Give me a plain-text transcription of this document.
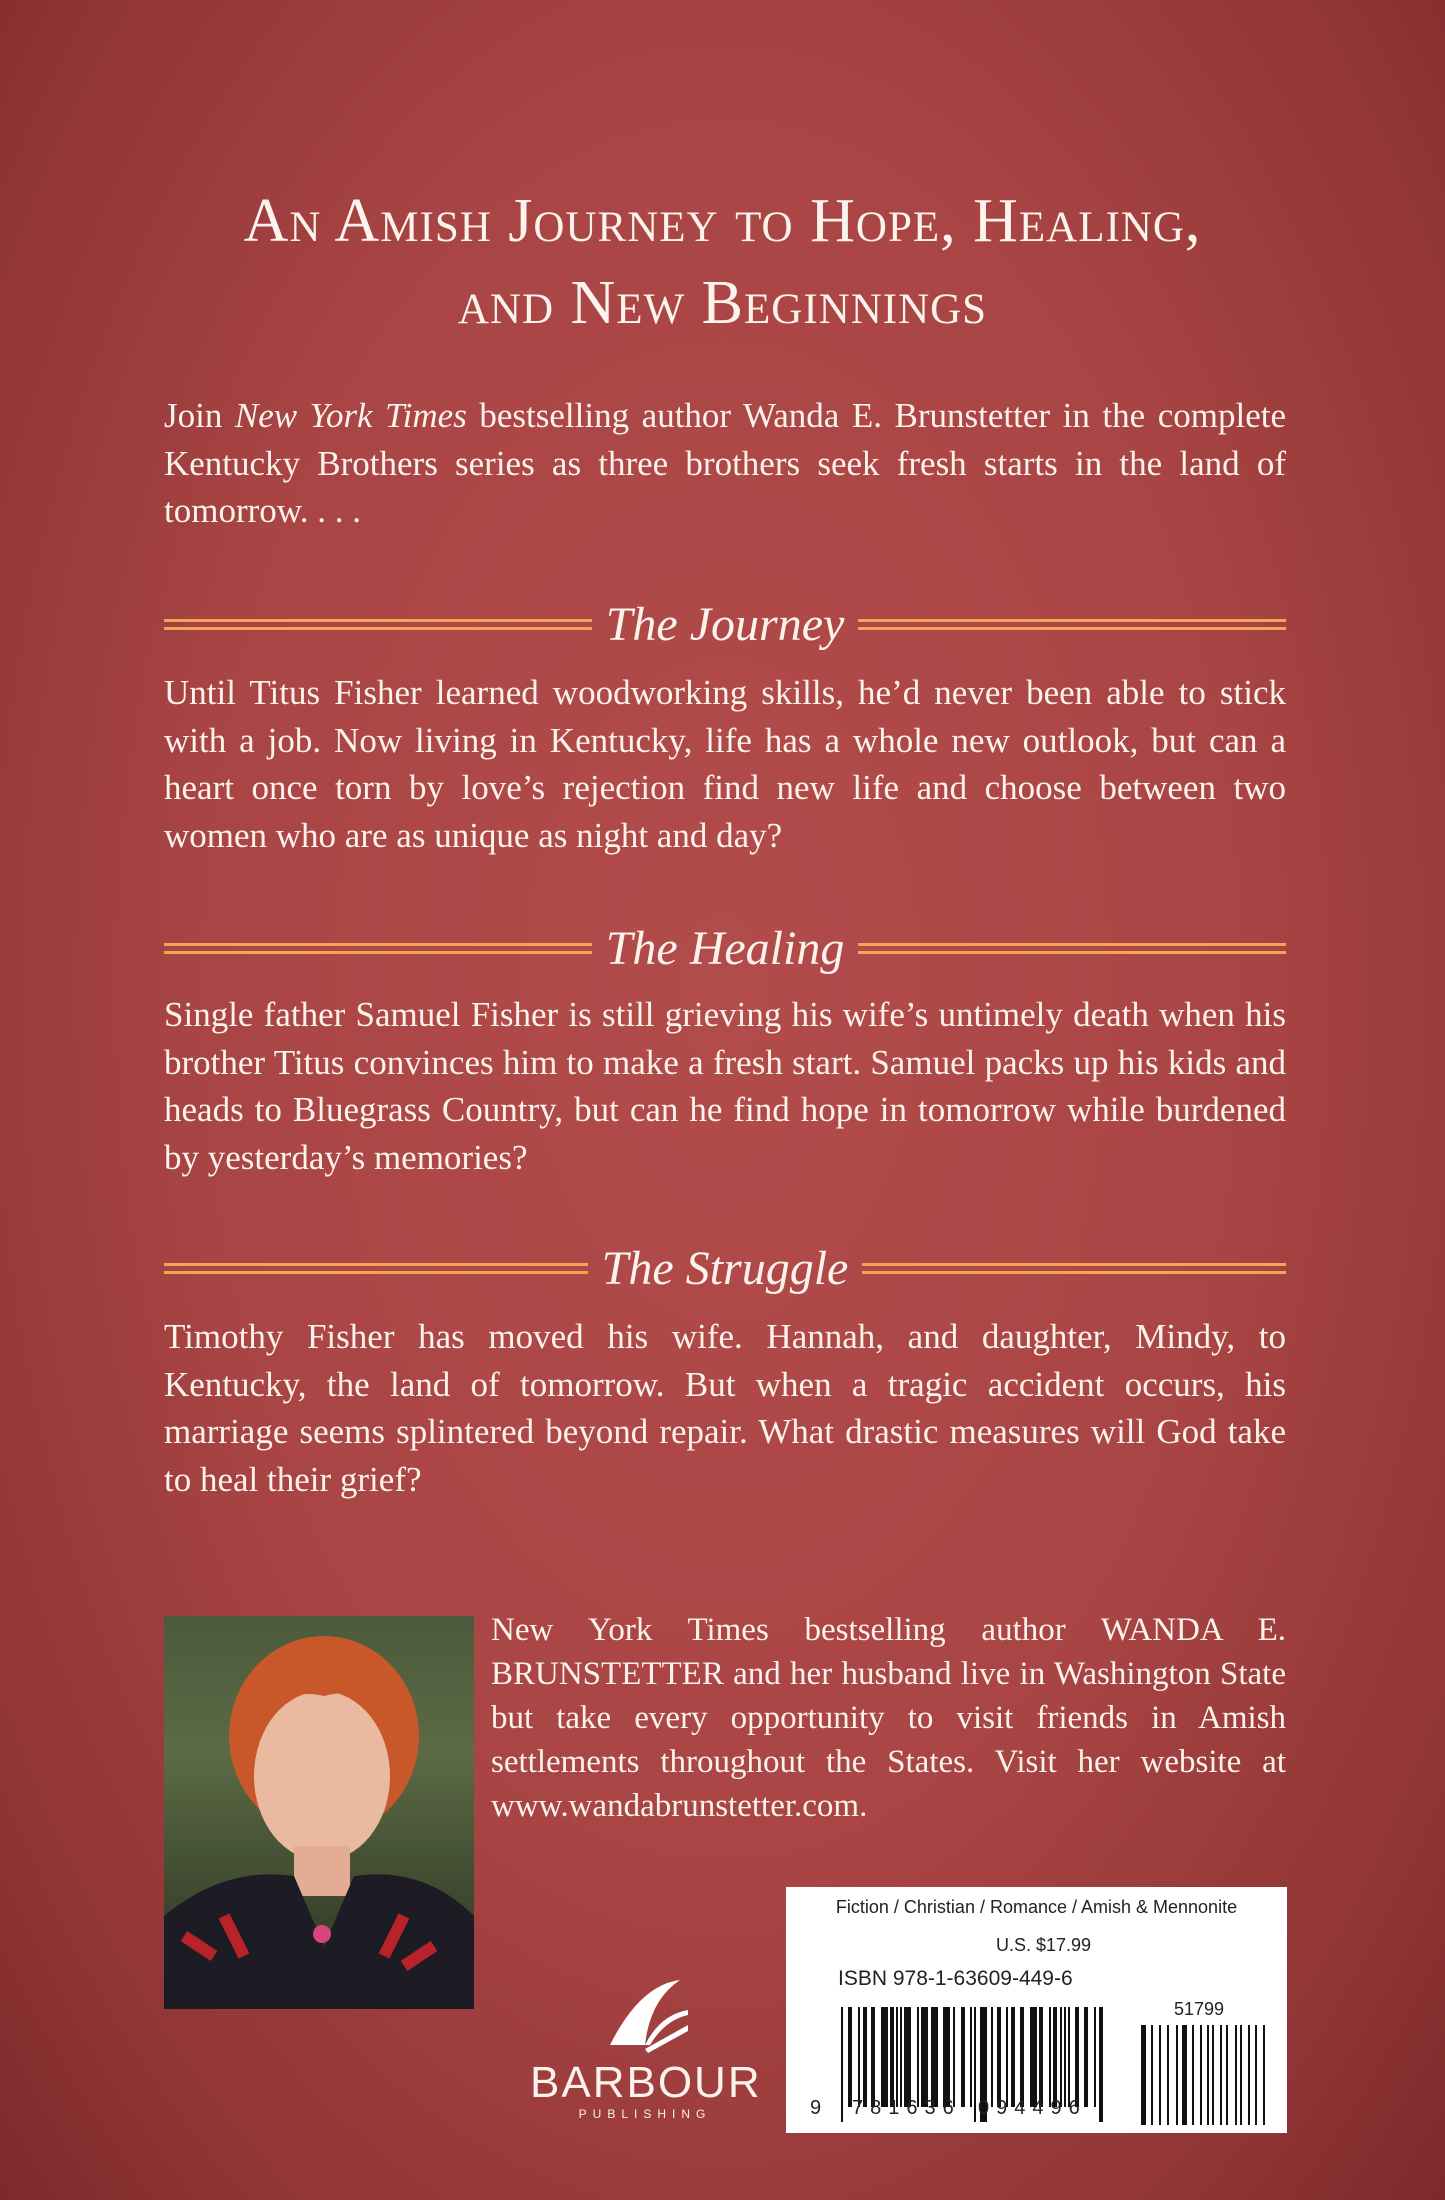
An Amish Journey to Hope, Healing,
and New Beginnings
Join New York Times bestselling author Wanda E. Brunstetter in the complete Kentucky Brothers series as three brothers seek fresh starts in the land of tomorrow. . . .
The Journey
Until Titus Fisher learned woodworking skills, he’d never been able to stick with a job. Now living in Kentucky, life has a whole new outlook, but can a heart once torn by love’s rejection find new life and choose between two women who are as unique as night and day?
The Healing
Single father Samuel Fisher is still grieving his wife’s untimely death when his brother Titus convinces him to make a fresh start. Samuel packs up his kids and heads to Bluegrass Country, but can he find hope in tomorrow while burdened by yesterday’s memories?
The Struggle
Timothy Fisher has moved his wife. Hannah, and daughter, Mindy, to Kentucky, the land of tomorrow. But when a tragic accident occurs, his marriage seems splintered beyond repair. What drastic measures will God take to heal their grief?
New York Times bestselling author WANDA E. BRUNSTETTER and her husband live in Washington State but take every opportunity to visit friends in Amish settlements throughout the States. Visit her website at www.wandabrunstetter.com.
BARBOUR
PUBLISHING
Fiction / Christian / Romance / Amish & Mennonite
U.S. $17.99
ISBN 978-1-63609-449-6
51799
9 781636 094496
